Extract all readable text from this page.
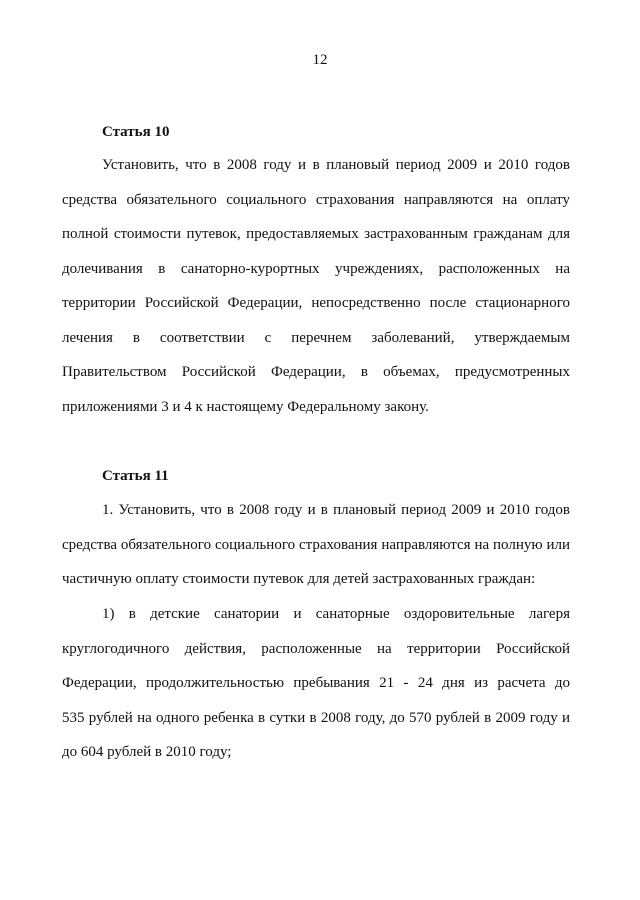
12
Статья 10
Установить, что в 2008 году и в плановый период 2009 и 2010 годов
средства обязательного социального страхования направляются на оплату
полной стоимости путевок, предоставляемых застрахованным гражданам для
долечивания в санаторно-курортных учреждениях, расположенных на
территории Российской Федерации, непосредственно после стационарного
лечения в соответствии с перечнем заболеваний, утверждаемым
Правительством Российской Федерации, в объемах, предусмотренных
приложениями 3 и 4 к настоящему Федеральному закону.
Статья 11
1. Установить, что в 2008 году и в плановый период 2009 и 2010 годов
средства обязательного социального страхования направляются на полную или
частичную оплату стоимости путевок для детей застрахованных граждан:
1) в детские санатории и санаторные оздоровительные лагеря
круглогодичного действия, расположенные на территории Российской
Федерации, продолжительностью пребывания 21 - 24 дня из расчета до
535 рублей на одного ребенка в сутки в 2008 году, до 570 рублей в 2009 году и
до 604 рублей в 2010 году;
